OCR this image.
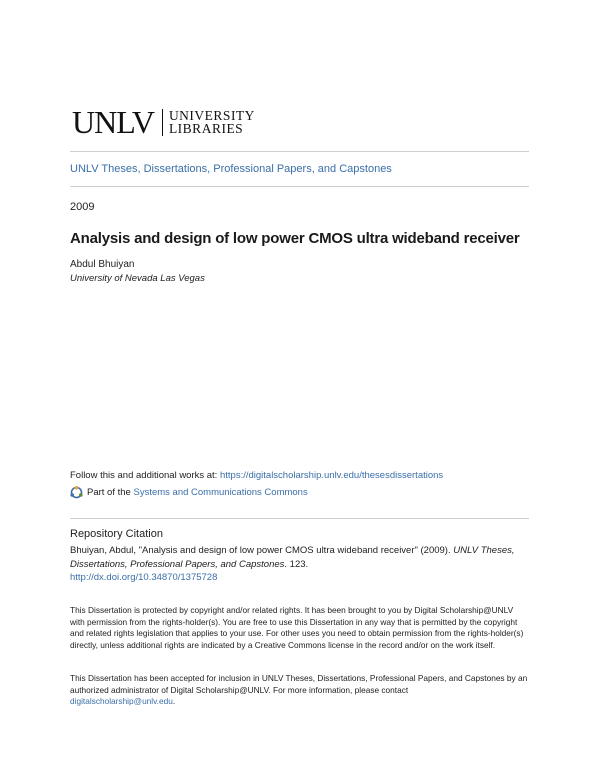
UNLV UNIVERSITY
LIBRARIES
UNLV Theses, Dissertations, Professional Papers, and Capstones
2009
Analysis and design of low power CMOS ultra wideband receiver
Abdul Bhuiyan
University of Nevada Las Vegas
Follow this and additional works at: https://digitalscholarship.unlv.edu/thesesdissertations
Part of the
Systems and Communications Commons
Repository Citation
Bhuiyan, Abdul, "Analysis and design of low power CMOS ultra wideband receiver" (2009). UNLV Theses, Dissertations, Professional Papers, and Capstones. 123.
http://dx.doi.org/10.34870/1375728
This Dissertation is protected by copyright and/or related rights. It has been brought to you by Digital Scholarship@UNLV with permission from the rights-holder(s). You are free to use this Dissertation in any way that is permitted by the copyright and related rights legislation that applies to your use. For other uses you need to obtain permission from the rights-holder(s) directly, unless additional rights are indicated by a Creative Commons license in the record and/or on the work itself.
This Dissertation has been accepted for inclusion in UNLV Theses, Dissertations, Professional Papers, and Capstones by an authorized administrator of Digital Scholarship@UNLV. For more information, please contact
digitalscholarship@unlv.edu.
